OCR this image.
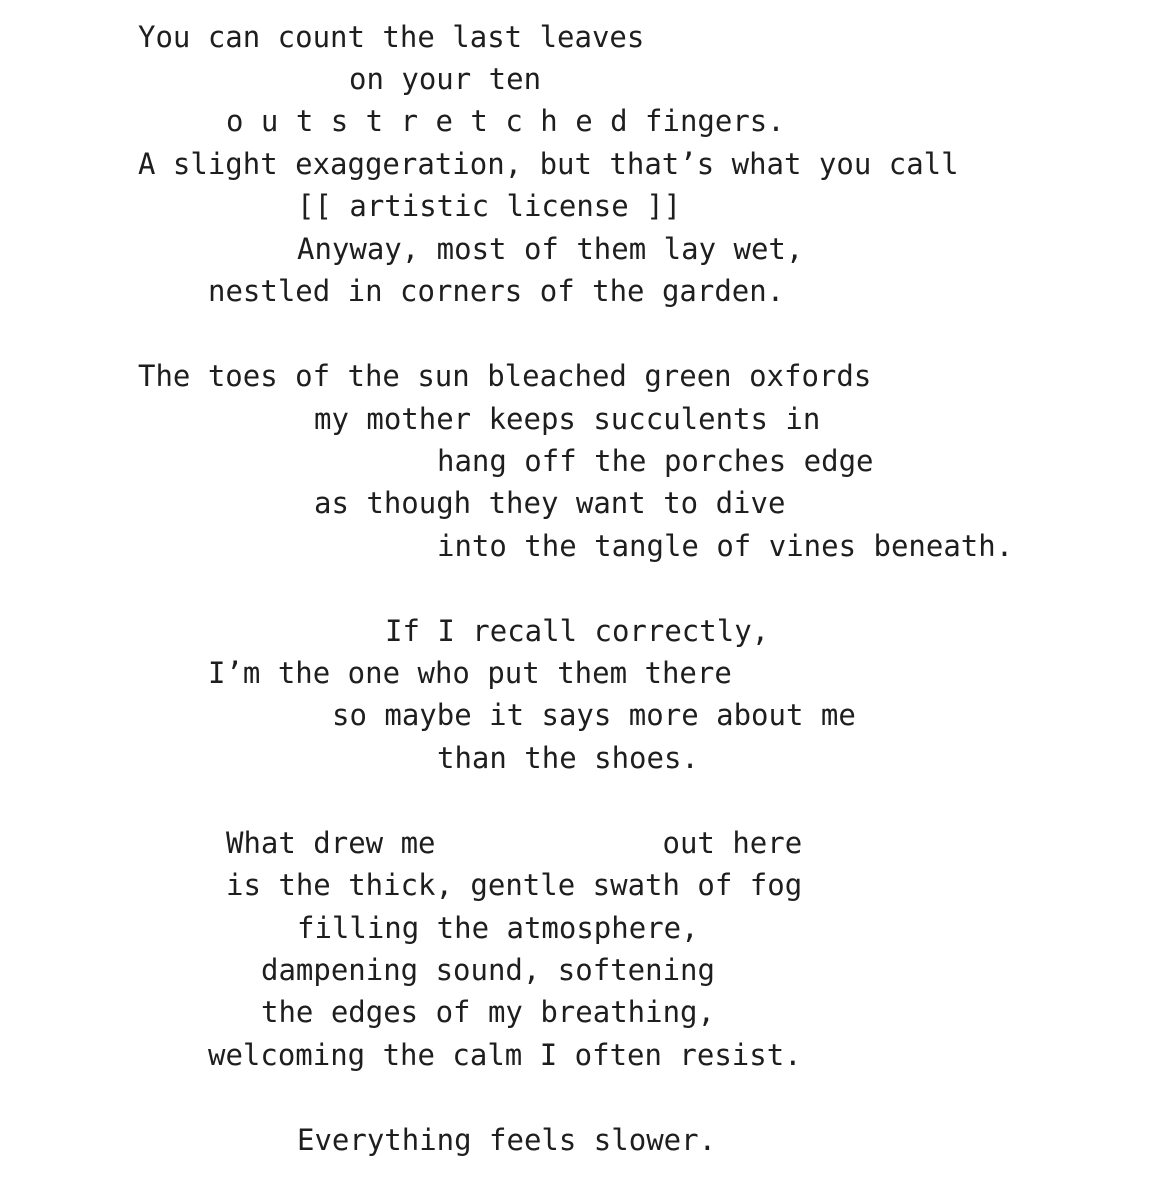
You can count the last leaves

on your ten

o u t s t r e t c h e d fingers.

A slight exaggeration, but that’s what you call

[[ artistic license ]]

Anyway, most of them lay wet,

nestled in corners of the garden.

The toes of the sun bleached green oxfords

my mother keeps succulents in

hang off the porches edge

as though they want to dive

into the tangle of vines beneath.

If I recall correctly,

I’m the one who put them there

so maybe it says more about me

than the shoes.

What drew me             out here

is the thick, gentle swath of fog

filling the atmosphere,

dampening sound, softening

the edges of my breathing,

welcoming the calm I often resist.

Everything feels slower.
